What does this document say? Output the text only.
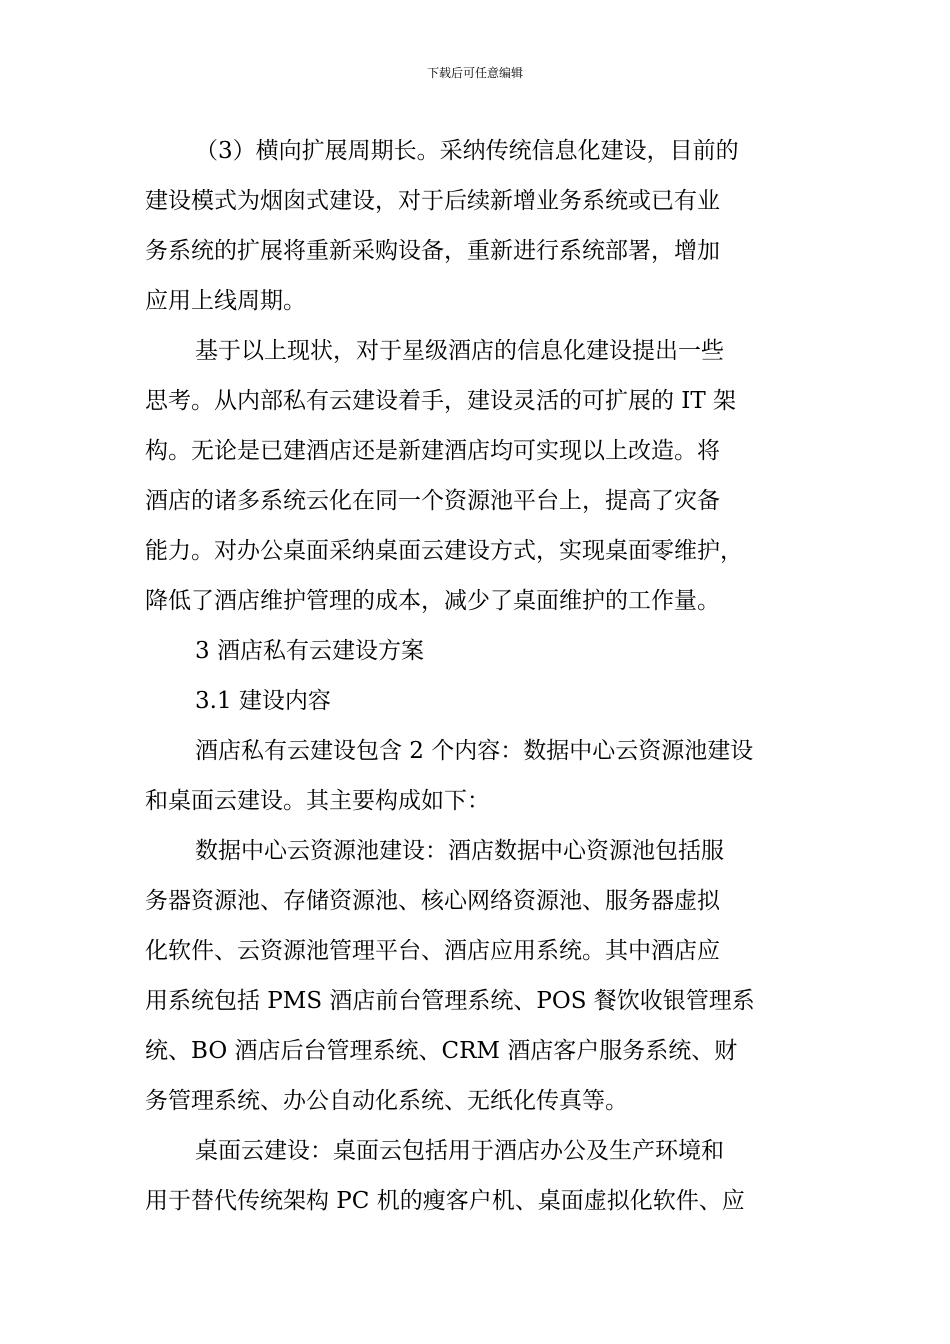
下载后可任意编辑
（3）横向扩展周期长。采纳传统信息化建设，目前的
建设模式为烟囱式建设，对于后续新增业务系统或已有业
务系统的扩展将重新采购设备，重新进行系统部署，增加
应用上线周期。
基于以上现状，对于星级酒店的信息化建设提出一些
思考。从内部私有云建设着手，建设灵活的可扩展的 IT 架
构。无论是已建酒店还是新建酒店均可实现以上改造。将
酒店的诸多系统云化在同一个资源池平台上，提高了灾备
能力。对办公桌面采纳桌面云建设方式，实现桌面零维护，
降低了酒店维护管理的成本，减少了桌面维护的工作量。
3 酒店私有云建设方案
3.1 建设内容
酒店私有云建设包含 2 个内容：数据中心云资源池建设
和桌面云建设。其主要构成如下：
数据中心云资源池建设：酒店数据中心资源池包括服
务器资源池、存储资源池、核心网络资源池、服务器虚拟
化软件、云资源池管理平台、酒店应用系统。其中酒店应
用系统包括 PMS 酒店前台管理系统、POS 餐饮收银管理系
统、BO 酒店后台管理系统、CRM 酒店客户服务系统、财
务管理系统、办公自动化系统、无纸化传真等。
桌面云建设：桌面云包括用于酒店办公及生产环境和
用于替代传统架构 PC 机的瘦客户机、桌面虚拟化软件、应
